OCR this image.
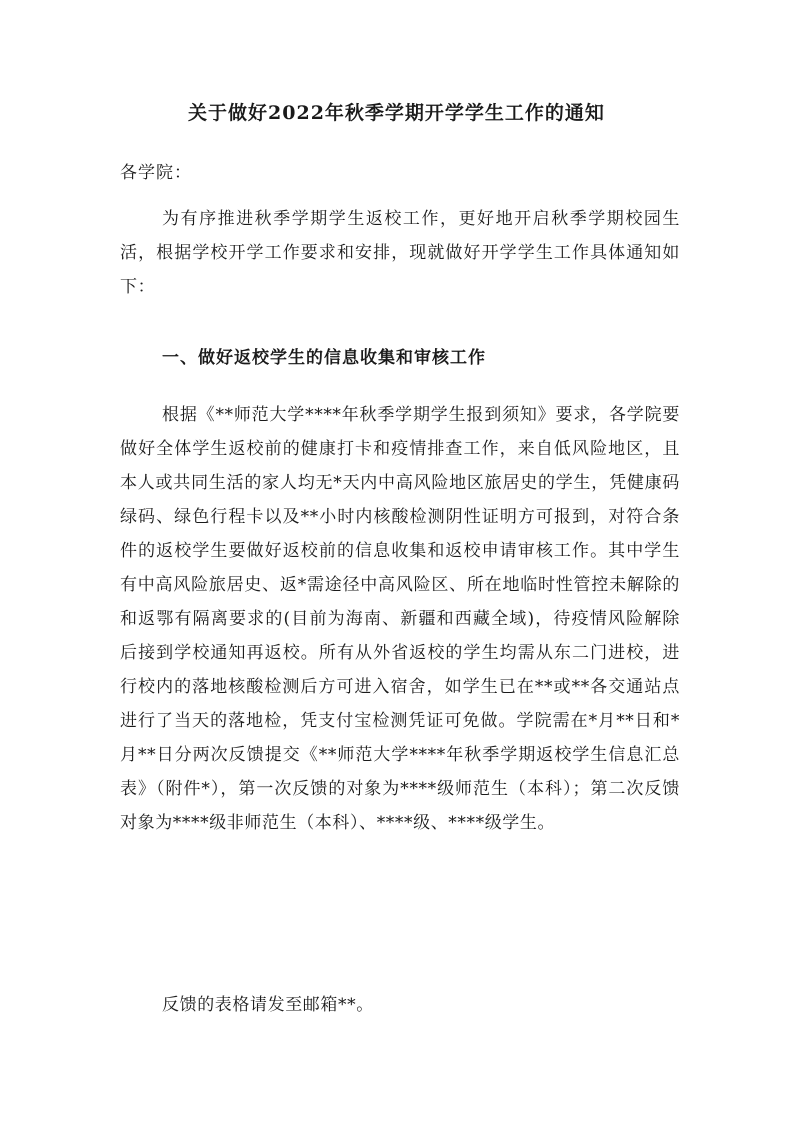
关于做好2022年秋季学期开学学生工作的通知
各学院：

为有序推进秋季学期学生返校工作，更好地开启秋季学期校园生活，根据学校开学工作要求和安排，现就做好开学学生工作具体通知如下：

一、做好返校学生的信息收集和审核工作

根据《**师范大学****年秋季学期学生报到须知》要求，各学院要做好全体学生返校前的健康打卡和疫情排查工作，来自低风险地区，且本人或共同生活的家人均无*天内中高风险地区旅居史的学生，凭健康码绿码、绿色行程卡以及**小时内核酸检测阴性证明方可报到，对符合条件的返校学生要做好返校前的信息收集和返校申请审核工作。其中学生有中高风险旅居史、返*需途径中高风险区、所在地临时性管控未解除的和返鄂有隔离要求的(目前为海南、新疆和西藏全域)，待疫情风险解除后接到学校通知再返校。所有从外省返校的学生均需从东二门进校，进行校内的落地核酸检测后方可进入宿舍，如学生已在**或**各交通站点进行了当天的落地检，凭支付宝检测凭证可免做。学院需在*月**日和*月**日分两次反馈提交《**师范大学****年秋季学期返校学生信息汇总表》（附件*），第一次反馈的对象为****级师范生（本科）；第二次反馈对象为****级非师范生（本科）、****级、****级学生。

反馈的表格请发至邮箱**。
